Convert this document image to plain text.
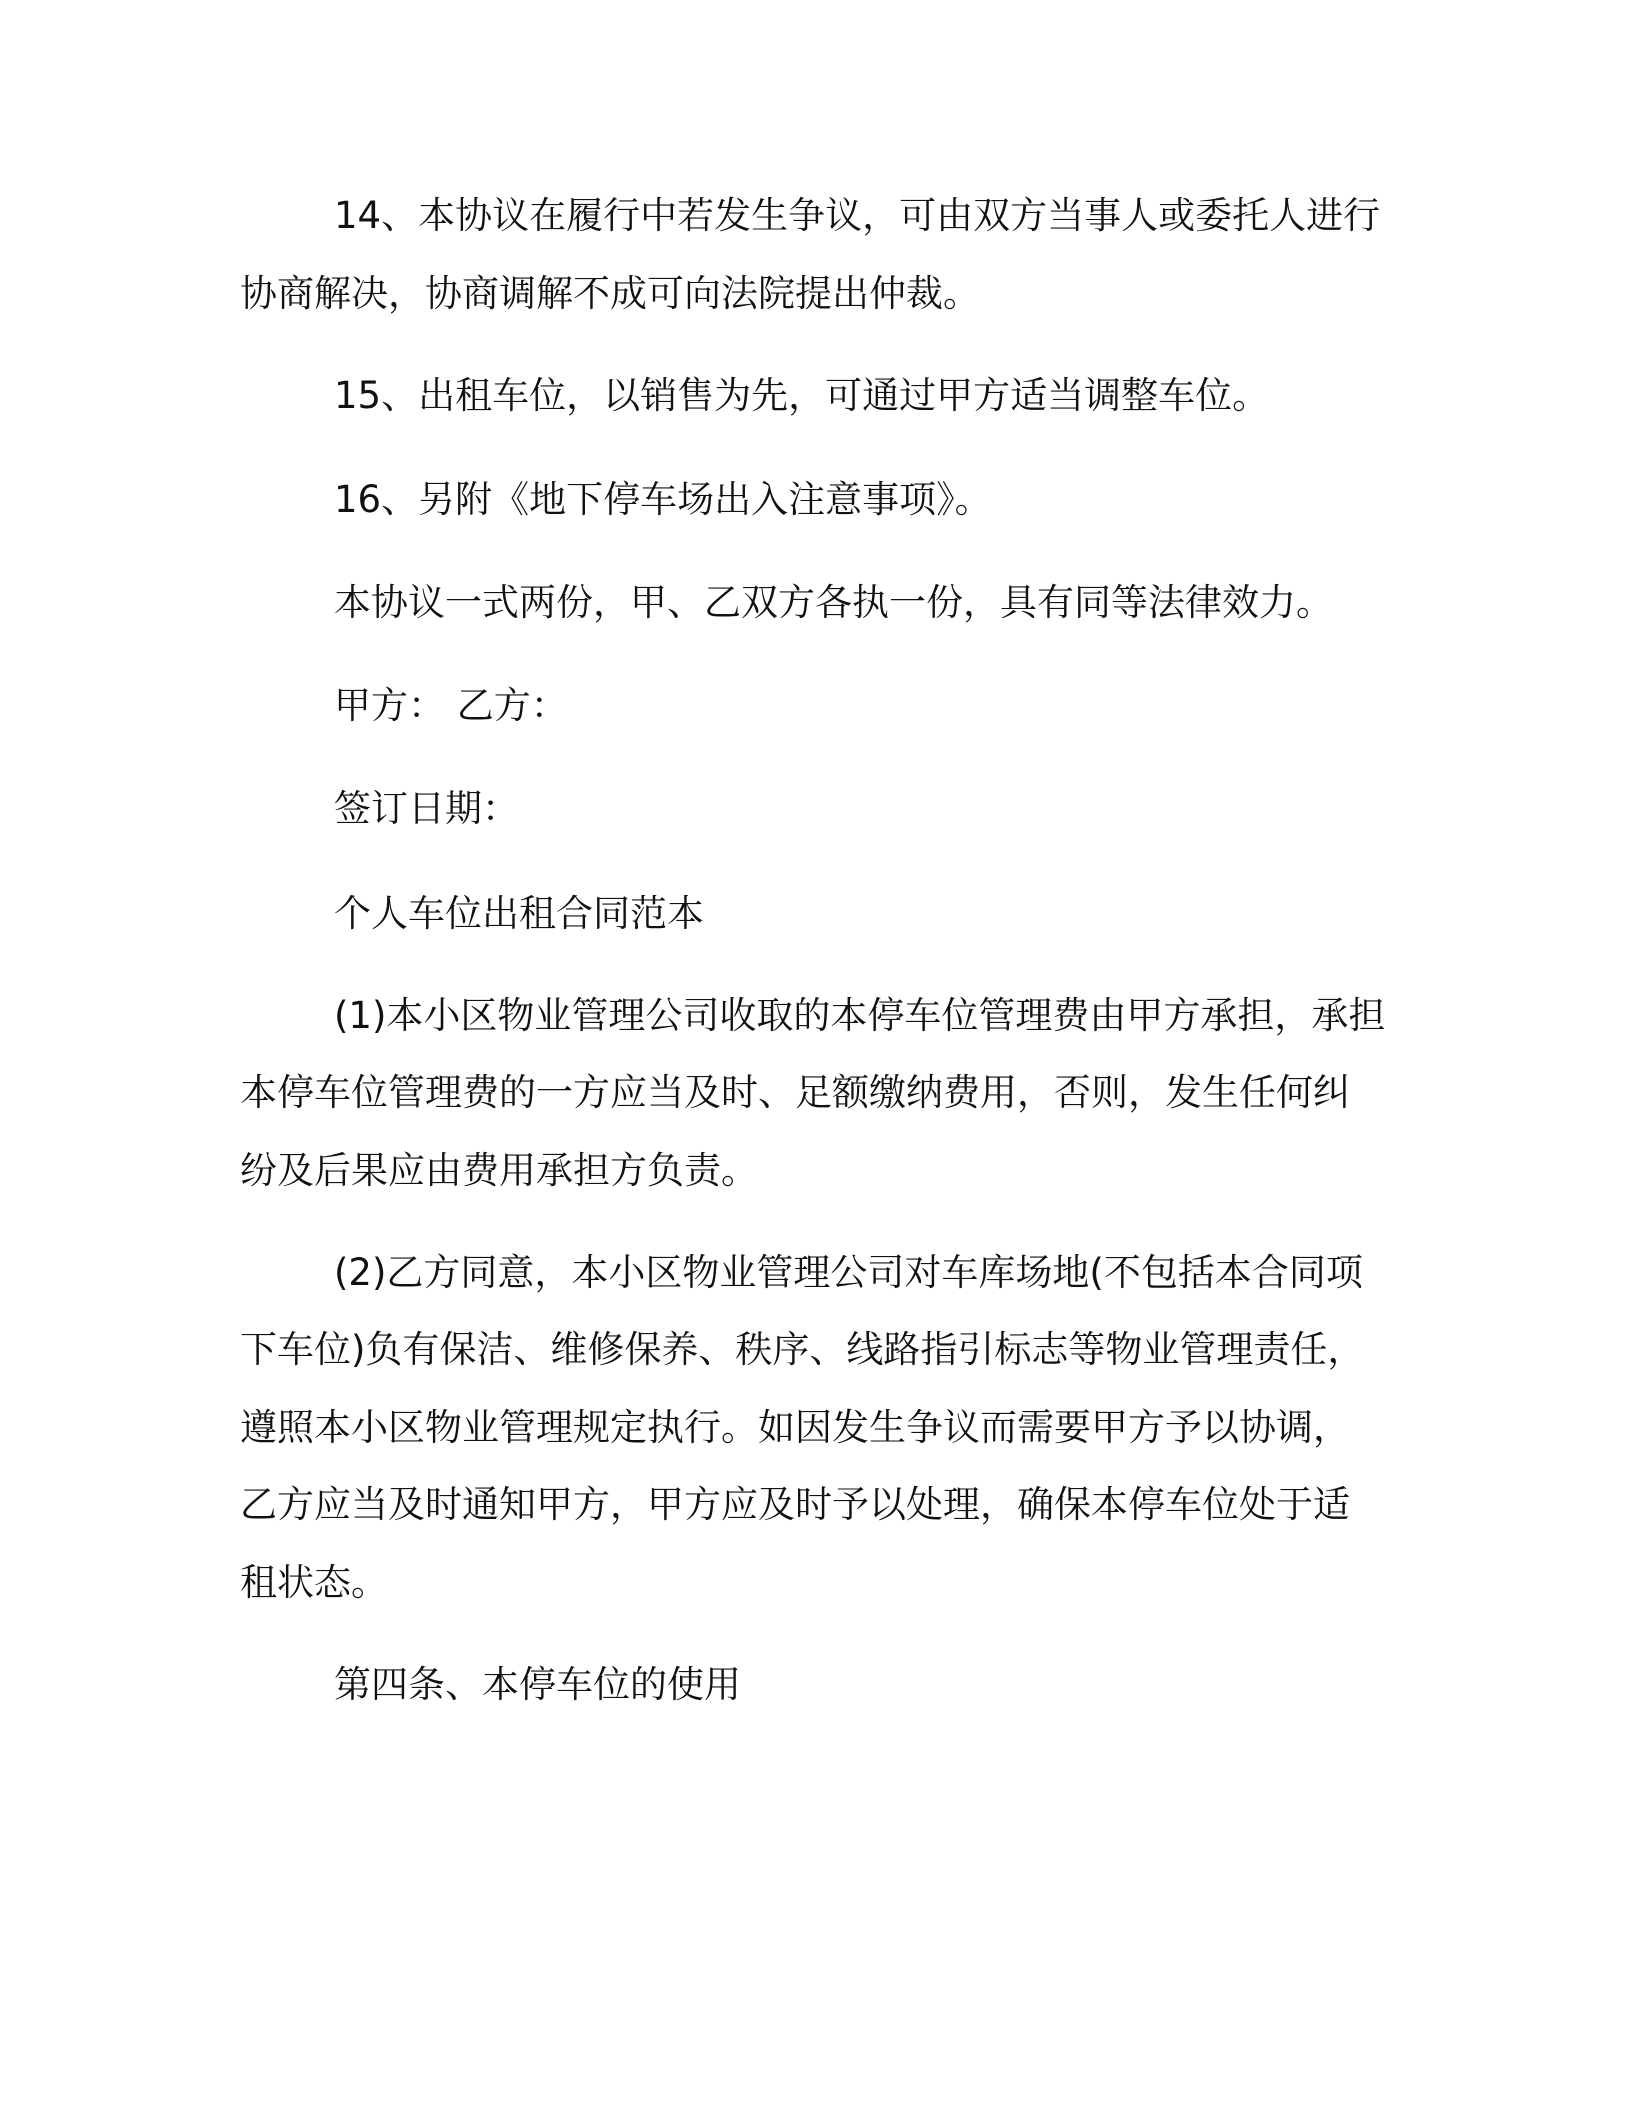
14、本协议在履行中若发生争议，可由双方当事人或委托人进行
协商解决，协商调解不成可向法院提出仲裁。
15、出租车位，以销售为先，可通过甲方适当调整车位。
16、另附《地下停车场出入注意事项》。
本协议一式两份，甲、乙双方各执一份，具有同等法律效力。
甲方： 乙方：
签订日期：
个人车位出租合同范本
(1)本小区物业管理公司收取的本停车位管理费由甲方承担，承担
本停车位管理费的一方应当及时、足额缴纳费用，否则，发生任何纠
纷及后果应由费用承担方负责。
(2)乙方同意，本小区物业管理公司对车库场地(不包括本合同项
下车位)负有保洁、维修保养、秩序、线路指引标志等物业管理责任，
遵照本小区物业管理规定执行。如因发生争议而需要甲方予以协调，
乙方应当及时通知甲方，甲方应及时予以处理，确保本停车位处于适
租状态。
第四条、本停车位的使用
